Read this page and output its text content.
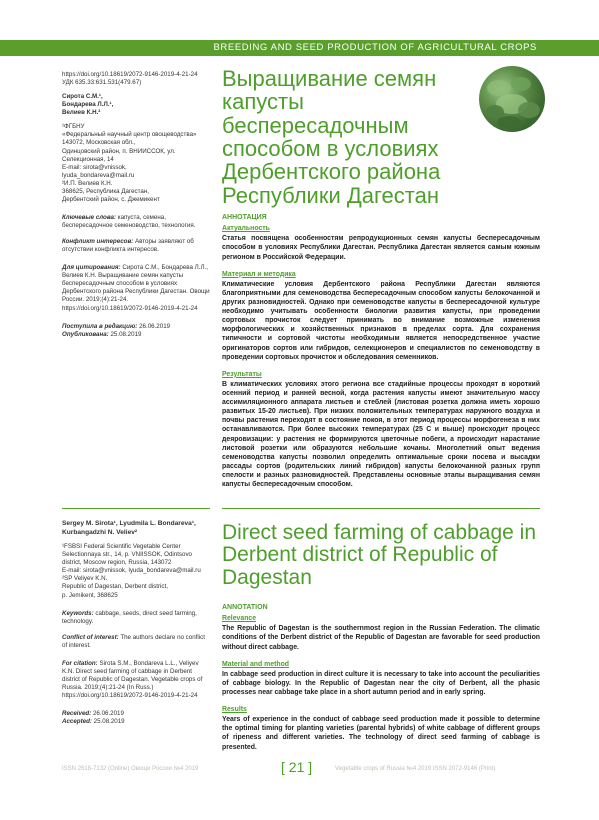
BREEDING AND SEED PRODUCTION OF AGRICULTURAL CROPS
https://doi.org/10.18619/2072-9146-2019-4-21-24
УДК 635.33:631.531(479.67)
Сирота С.М.¹,
Бондарева Л.Л.¹,
Велиев К.Н.²
¹ФГБНУ
«Федеральный научный центр овощеводства»
143072, Московская обл.,
Одинцовский район, п. ВНИИССОК, ул.
Селекционная, 14
E-mail: sirota@vnissok,
lyuda_bondareva@mail.ru
²И.П. Велиев К.Н.
368625, Республика Дагестан,
Дербентский район, с. Джемикент
Ключевые слова: капуста, семена, беспересадочное семеноводство, технология.
Конфликт интересов: Авторы заявляют об отсутствии конфликта интересов.
Для цитирования: Сирота С.М., Бондарева Л.Л., Велиев К.Н. Выращивание семян капусты беспересадочным способом в условиях Дербентского района Республики Дагестан. Овощи России. 2019;(4):21-24. https://doi.org/10.18619/2072-9146-2019-4-21-24
Поступила в редакцию: 26.06.2019
Опубликована: 25.08.2019
Выращивание семян капусты беспересадочным способом в условиях Дербентского района Республики Дагестан
АННОТАЦИЯ
Актуальность

Статья посвящена особенностям репродукционных семян капусты беспересадочным способом в условиях Республики Дагестан. Республика Дагестан является самым южным регионом в Российской Федерации.

Материал и методика

Климатические условия Дербентского района Республики Дагестан являются благоприятными для семеноводства беспересадочным способом капусты белокочанной и других разновидностей. Однако при семеноводстве капусты в беспересадочной культуре необходимо учитывать особенности биологии развития капусты, при проведении сортовых прочисток следует принимать во внимание возможные изменения морфологических и хозяйственных признаков в пределах сорта. Для сохранения типичности и сортовой чистоты необходимым является непосредственное участие оригинаторов сортов или гибридов, селекционеров и специалистов по семеноводству в проведении сортовых прочисток и обследования семенников.

Результаты

В климатических условиях этого региона все стадийные процессы проходят в короткий осенний период и ранней весной, когда растения капусты имеют значительную массу ассимиляционного аппарата листьев и стеблей (листовая розетка должна иметь хорошо развитых 15-20 листьев). При низких положительных температурах наружного воздуха и почвы растения переходят в состояние покоя, в этот период процессы морфогенеза в них останавливаются. При более высоких температурах (25 С и выше) происходит процесс деяровизации: у растения не формируются цветочные побеги, а происходит нарастание листовой розетки или образуются небольшие кочаны. Многолетний опыт ведения семеноводства капусты позволил определить оптимальные сроки посева и высадки рассады сортов (родительских линий гибридов) капусты белокочанной разных групп спелости и разных разновидностей. Представлены основные этапы выращивания семян капусты беспересадочным способом.

Sergey M. Sirota¹, Lyudmila L. Bondareva¹, Kurbangadzhi N. Veliev²
¹FSBSI Federal Scientific Vegetable Center
Selectionnaya str., 14, p. VNIISSOK, Odintsovo district, Moscow region, Russia, 143072
E-mail: sirota@vnissok, lyuda_bondareva@mail.ru
²SP Veliyev K.N.
Republic of Dagestan, Derbent district,
p. Jemikent, 368625
Keywords: cabbage, seeds, direct seed farming, technology.
Conflict of interest: The authors declare no conflict of interest.
For citation: Sirota S.M., Bondareva L.L., Veliyev K.N. Direct seed farming of cabbage in Derbent district of Republic of Dagestan. Vegetable crops of Russia. 2019;(4):21-24 (In Russ.) https://doi.org/10.18619/2072-9146-2019-4-21-24
Received: 26.06.2019
Accepted: 25.08.2019
Direct seed farming of cabbage in Derbent district of Republic of Dagestan
ANNOTATION
Relevance

The Republic of Dagestan is the southernmost region in the Russian Federation. The climatic conditions of the Derbent district of the Republic of Dagestan are favorable for seed production without direct cabbage.

Material and method

In cabbage seed production in direct culture it is necessary to take into account the peculiarities of cabbage biology. In the Republic of Dagestan near the city of Derbent, all the phasic processes near cabbage take place in a short autumn period and in early spring.

Results

Years of experience in the conduct of cabbage seed production made it possible to determine the optimal timing for planting varieties (parental hybrids) of white cabbage of different groups of ripeness and different varieties. The technology of direct seed farming of cabbage is presented.

ISSN 2618-7132 (Online) Овощи России №4 2019	[ 21 ]	Vegetable crops of Russia №4 2019 ISSN 2072-9146 (Print)
